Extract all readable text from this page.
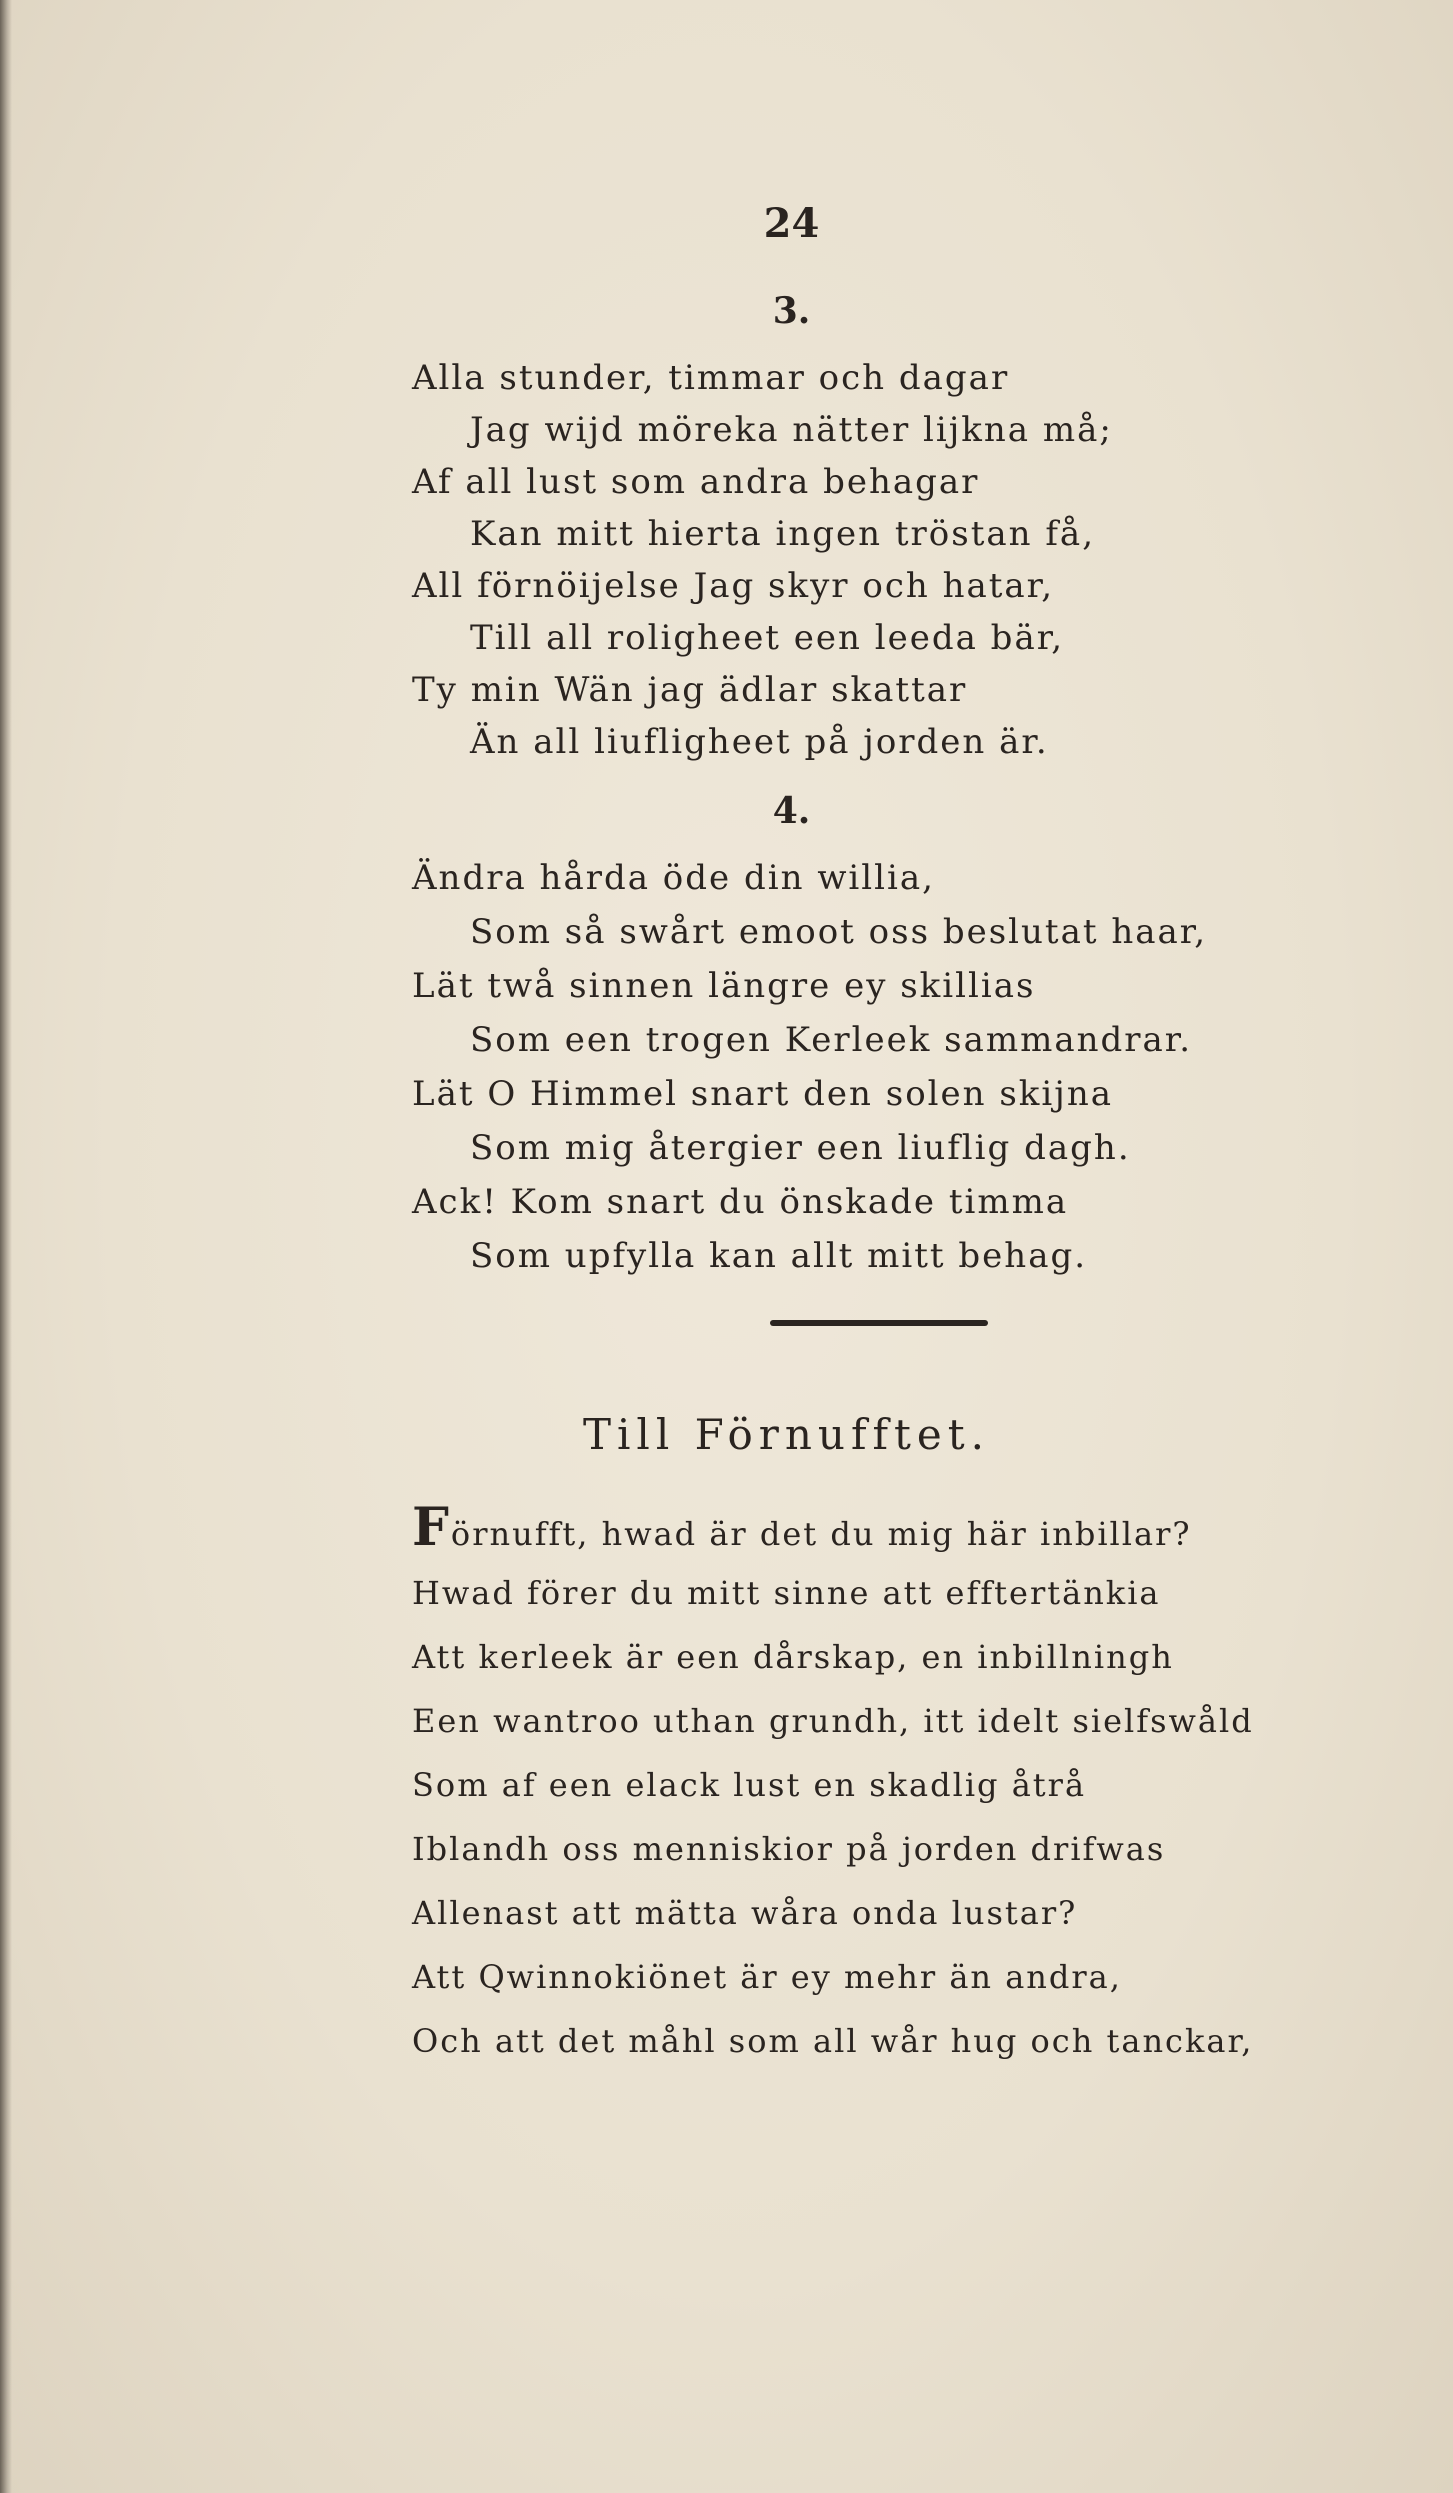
24
3.
Alla stunder, timmar och dagar
Jag wijd möreka nätter lijkna må;
Af all lust som andra behagar
Kan mitt hierta ingen tröstan få,
All förnöijelse Jag skyr och hatar,
Till all roligheet een leeda bär,
Ty min Wän jag ädlar skattar
Än all liufligheet på jorden är.
4.
Ändra hårda öde din willia,
Som så swårt emoot oss beslutat haar,
Lät twå sinnen längre ey skillias
Som een trogen Kerleek sammandrar.
Lät O Himmel snart den solen skijna
Som mig återgier een liuflig dagh.
Ack! Kom snart du önskade timma
Som upfylla kan allt mitt behag.
Till Förnufftet.
Förnufft, hwad är det du mig här inbillar?
Hwad förer du mitt sinne att efftertänkia
Att kerleek är een dårskap, en inbillningh
Een wantroo uthan grundh, itt idelt sielfswåld
Som af een elack lust en skadlig åtrå
Iblandh oss menniskior på jorden drifwas
Allenast att mätta wåra onda lustar?
Att Qwinnokiönet är ey mehr än andra,
Och att det måhl som all wår hug och tanckar,
